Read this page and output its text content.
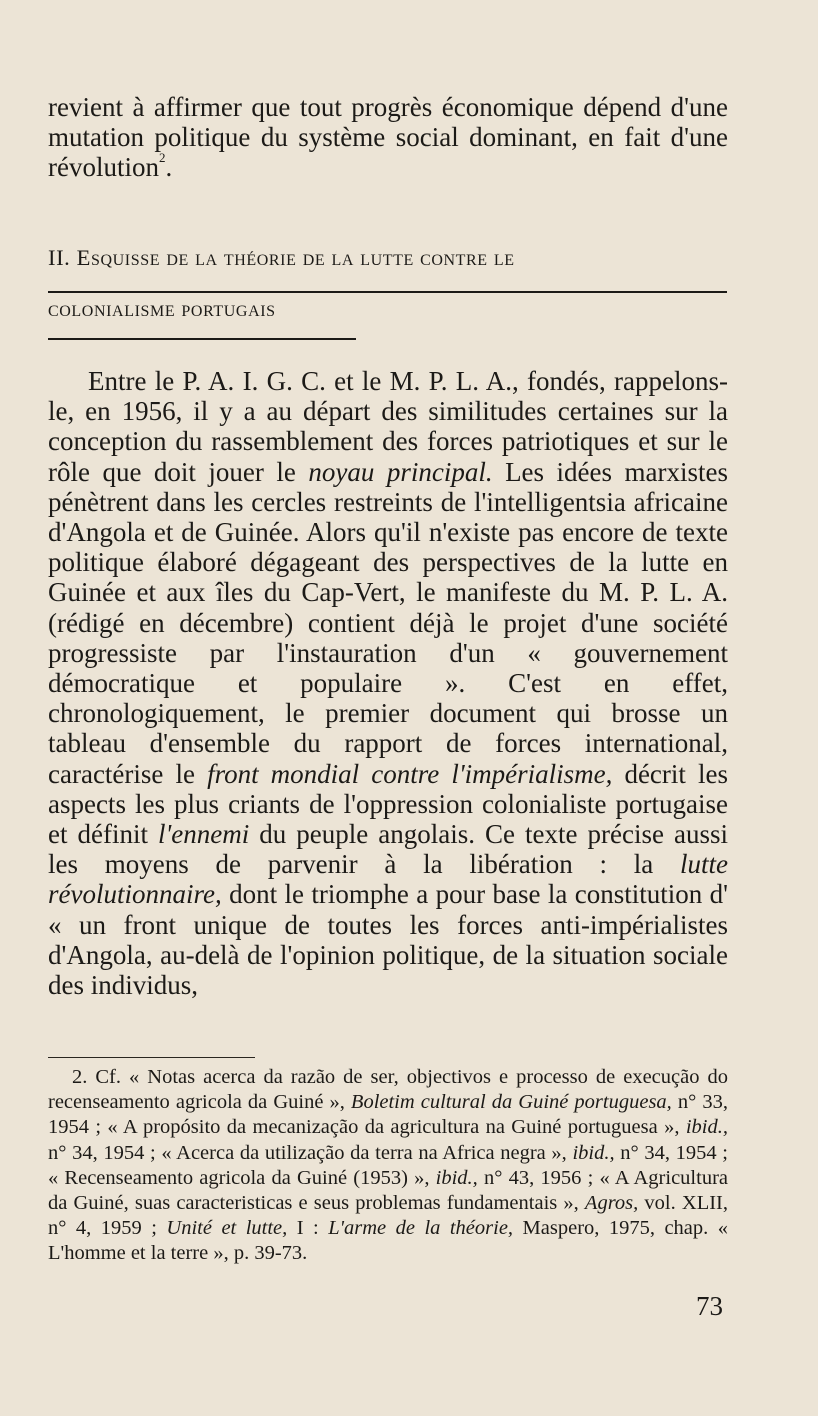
revient à affirmer que tout progrès économique dépend d'une mutation politique du système social dominant, en fait d'une révolution$^2$.

II. Esquisse de la théorie de la lutte contre le

colonialisme portugais

Entre le P. A. I. G. C. et le M. P. L. A., fondés, rappelons-le, en 1956, il y a au départ des similitudes certaines sur la conception du rassemblement des forces patriotiques et sur le rôle que doit jouer le noyau principal. Les idées marxistes pénètrent dans les cercles restreints de l'intelligentsia africaine d'Angola et de Guinée. Alors qu'il n'existe pas encore de texte politique élaboré dégageant des perspectives de la lutte en Guinée et aux îles du Cap-Vert, le manifeste du M. P. L. A. (rédigé en décembre) contient déjà le projet d'une société progressiste par l'instauration d'un « gouvernement démocratique et populaire ». C'est en effet, chronologiquement, le premier document qui brosse un tableau d'ensemble du rapport de forces international, caractérise le front mondial contre l'impérialisme, décrit les aspects les plus criants de l'oppression colonialiste portugaise et définit l'ennemi du peuple angolais. Ce texte précise aussi les moyens de parvenir à la libération : la lutte révolutionnaire, dont le triomphe a pour base la constitution d' « un front unique de toutes les forces anti-impérialistes d'Angola, au-delà de l'opinion politique, de la situation sociale des individus,

2. Cf. « Notas acerca da razão de ser, objectivos e processo de execução do recenseamento agricola da Guiné », Boletim cultural da Guiné portuguesa, n° 33, 1954 ; « A propósito da mecanização da agricultura na Guiné portuguesa », ibid., n° 34, 1954 ; « Acerca da utilização da terra na Africa negra », ibid., n° 34, 1954 ; « Recenseamento agricola da Guiné (1953) », ibid., n° 43, 1956 ; « A Agricultura da Guiné, suas caracteristicas e seus problemas fundamentais », Agros, vol. XLII, n° 4, 1959 ; Unité et lutte, I : L'arme de la théorie, Maspero, 1975, chap. « L'homme et la terre », p. 39-73.

73
